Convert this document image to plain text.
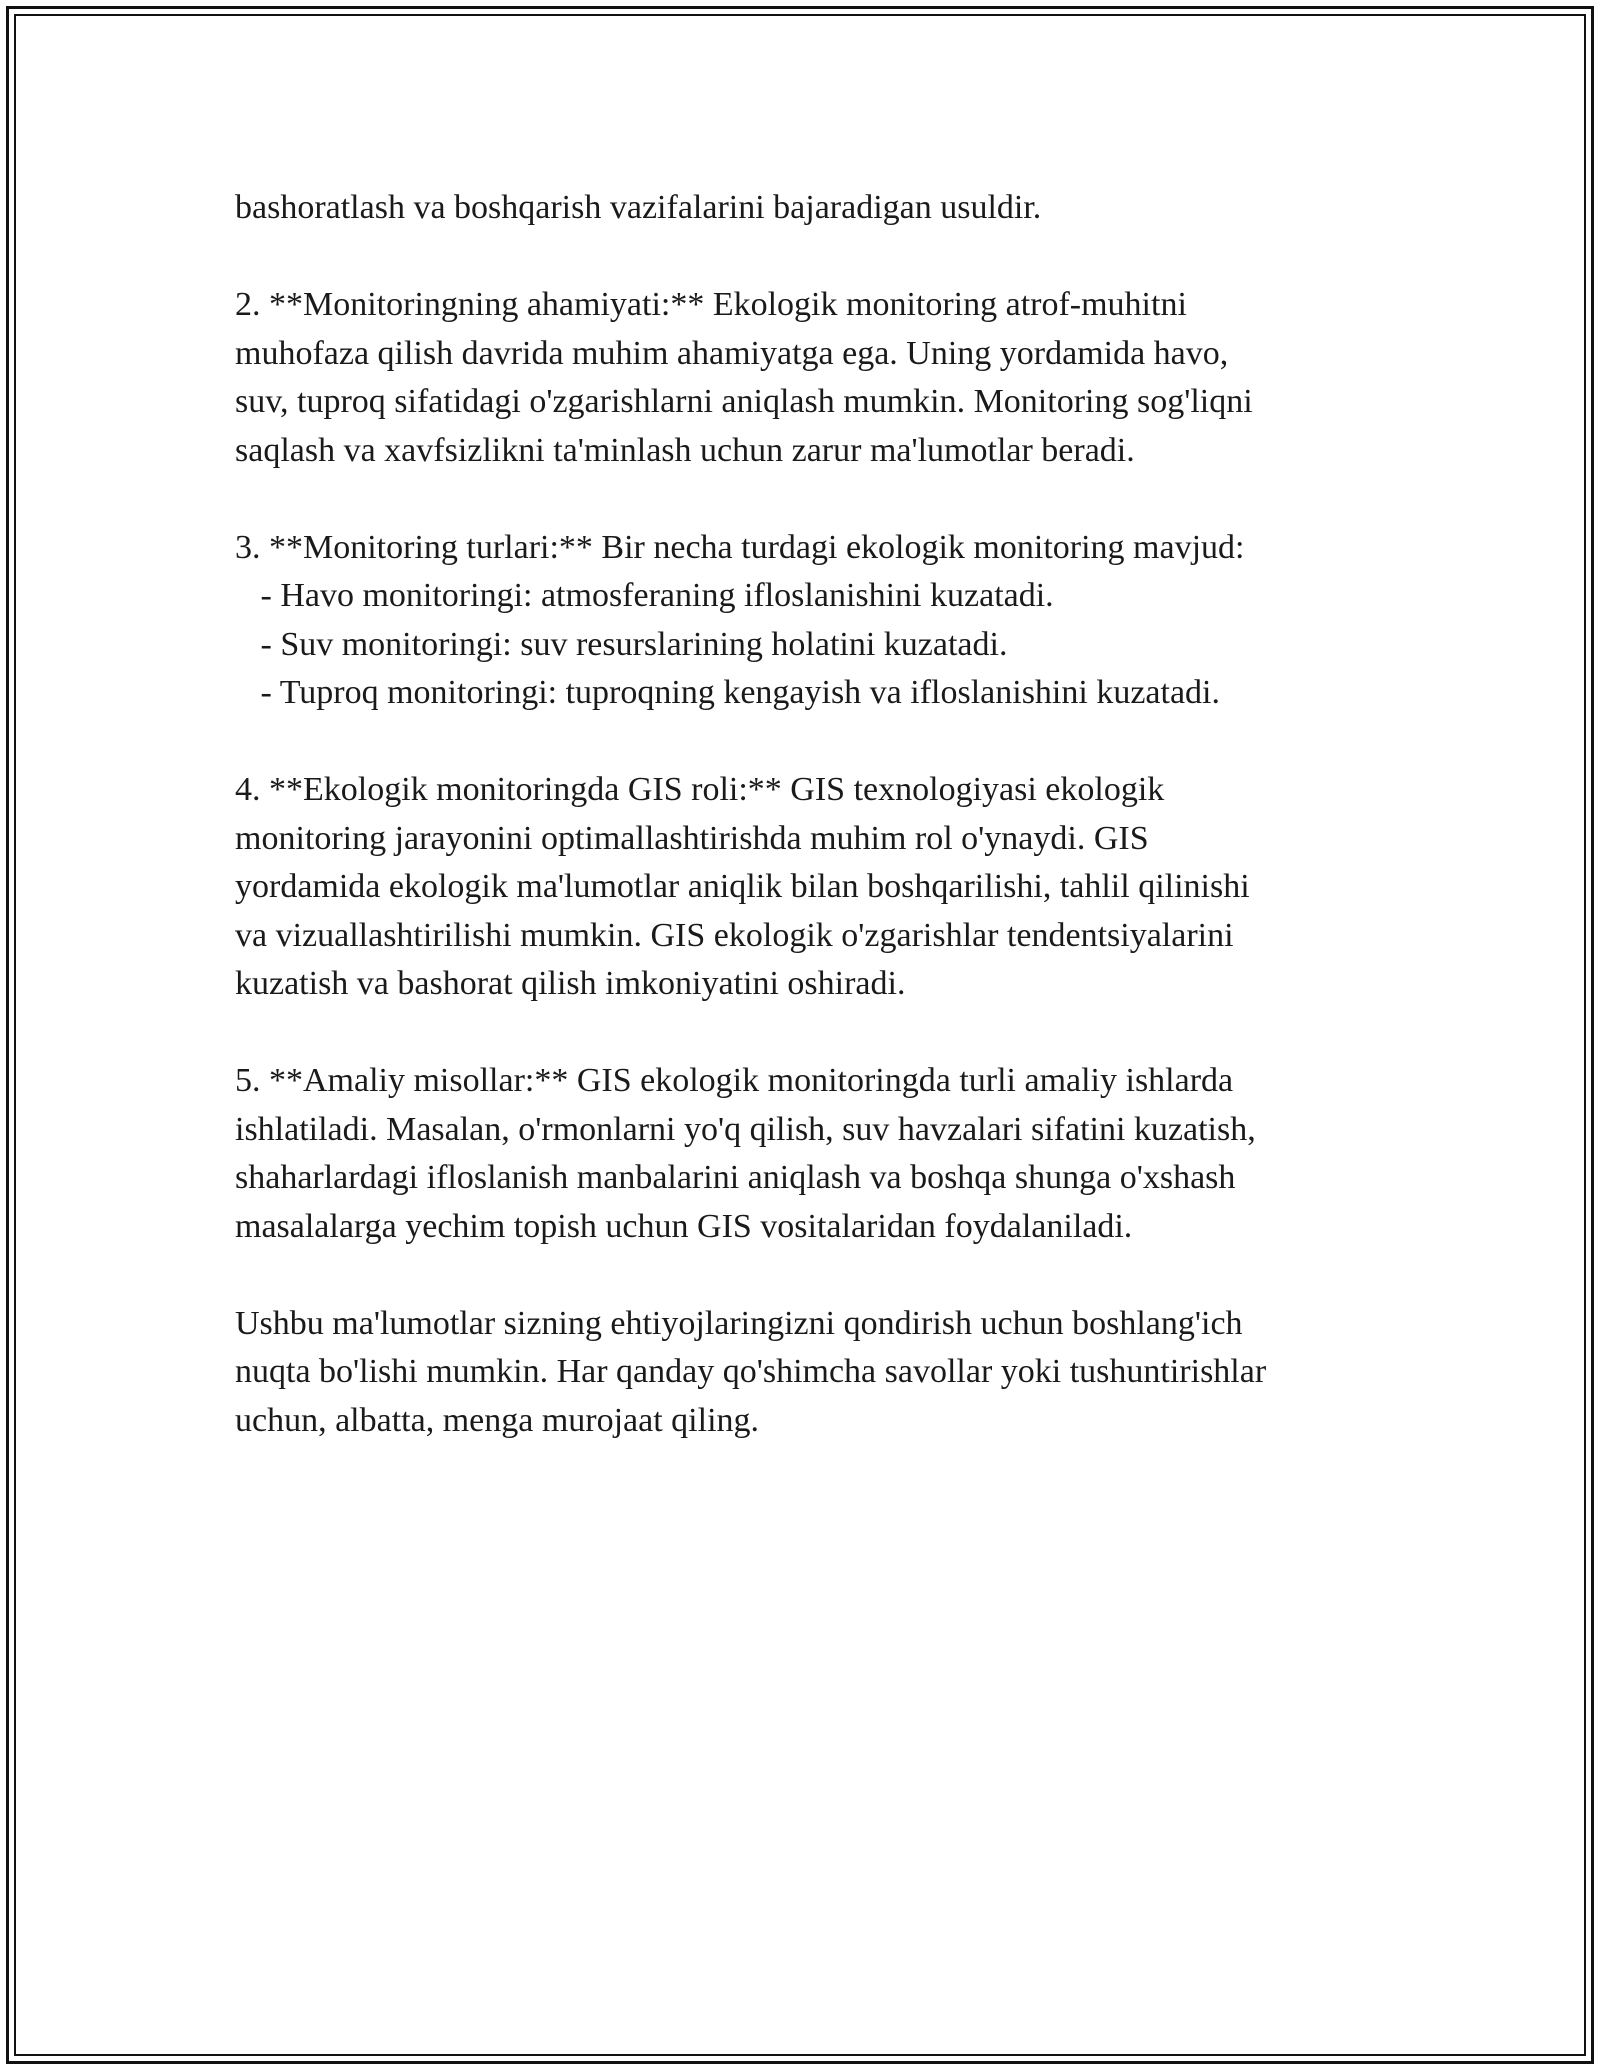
bashoratlash va boshqarish vazifalarini bajaradigan usuldir.
2. **Monitoringning ahamiyati:** Ekologik monitoring atrof-muhitni
muhofaza qilish davrida muhim ahamiyatga ega. Uning yordamida havo,
suv, tuproq sifatidagi o'zgarishlarni aniqlash mumkin. Monitoring sog'liqni
saqlash va xavfsizlikni ta'minlash uchun zarur ma'lumotlar beradi.
3. **Monitoring turlari:** Bir necha turdagi ekologik monitoring mavjud:
- Havo monitoringi: atmosferaning ifloslanishini kuzatadi.
- Suv monitoringi: suv resurslarining holatini kuzatadi.
- Tuproq monitoringi: tuproqning kengayish va ifloslanishini kuzatadi.
4. **Ekologik monitoringda GIS roli:** GIS texnologiyasi ekologik
monitoring jarayonini optimallashtirishda muhim rol o'ynaydi. GIS
yordamida ekologik ma'lumotlar aniqlik bilan boshqarilishi, tahlil qilinishi
va vizuallashtirilishi mumkin. GIS ekologik o'zgarishlar tendentsiyalarini
kuzatish va bashorat qilish imkoniyatini oshiradi.
5. **Amaliy misollar:** GIS ekologik monitoringda turli amaliy ishlarda
ishlatiladi. Masalan, o'rmonlarni yo'q qilish, suv havzalari sifatini kuzatish,
shaharlardagi ifloslanish manbalarini aniqlash va boshqa shunga o'xshash
masalalarga yechim topish uchun GIS vositalaridan foydalaniladi.
Ushbu ma'lumotlar sizning ehtiyojlaringizni qondirish uchun boshlang'ich
nuqta bo'lishi mumkin. Har qanday qo'shimcha savollar yoki tushuntirishlar
uchun, albatta, menga murojaat qiling.
